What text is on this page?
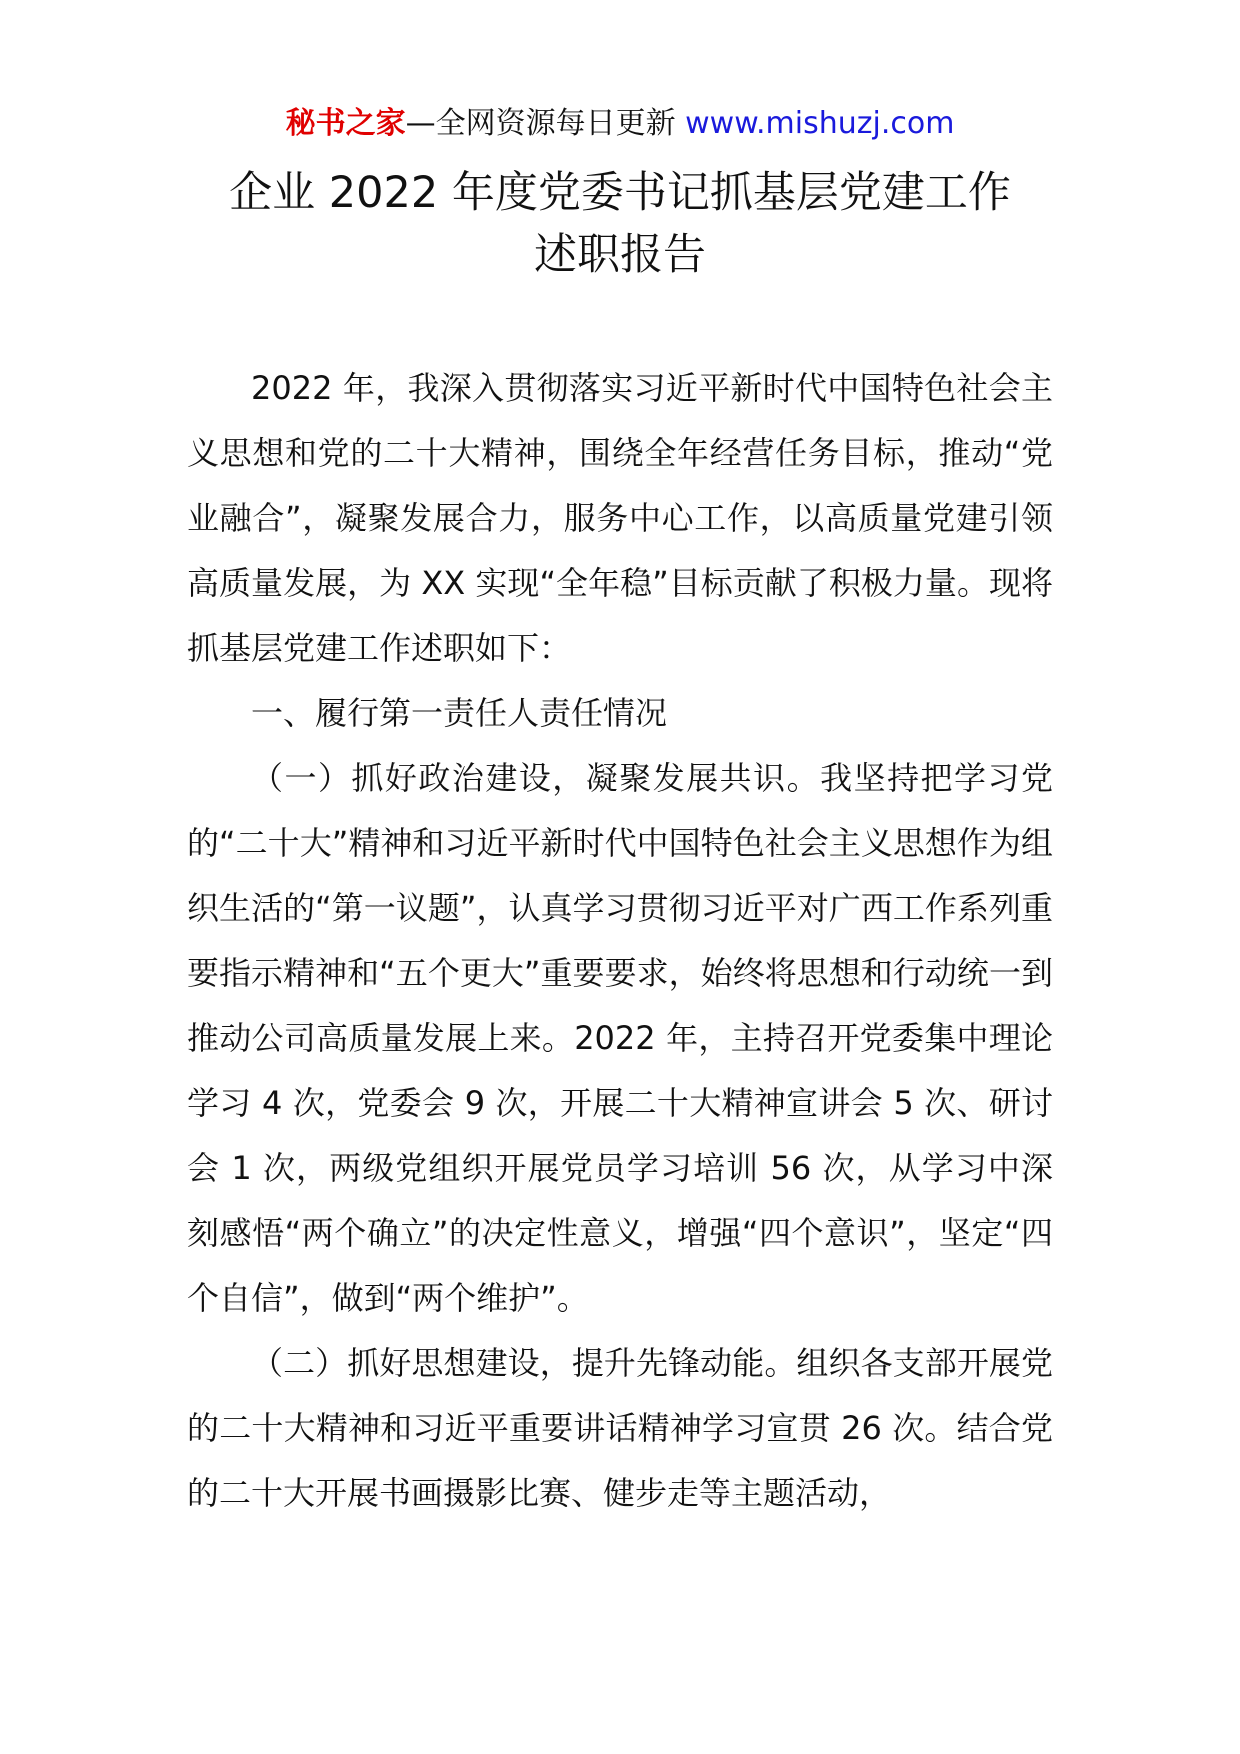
秘书之家—全网资源每日更新 www.mishuzj.com
企业 2022 年度党委书记抓基层党建工作
述职报告

2022 年，我深入贯彻落实习近平新时代中国特色社会主义思想和党的二十大精神，围绕全年经营任务目标，推动“党业融合”，凝聚发展合力，服务中心工作，以高质量党建引领高质量发展，为 XX 实现“全年稳”目标贡献了积极力量。现将抓基层党建工作述职如下：

一、履行第一责任人责任情况

（一）抓好政治建设，凝聚发展共识。我坚持把学习党的“二十大”精神和习近平新时代中国特色社会主义思想作为组织生活的“第一议题”，认真学习贯彻习近平对广西工作系列重要指示精神和“五个更大”重要要求，始终将思想和行动统一到推动公司高质量发展上来。2022 年，主持召开党委集中理论学习 4 次，党委会 9 次，开展二十大精神宣讲会 5 次、研讨会 1 次，两级党组织开展党员学习培训 56 次，从学习中深刻感悟“两个确立”的决定性意义，增强“四个意识”，坚定“四个自信”，做到“两个维护”。

（二）抓好思想建设，提升先锋动能。组织各支部开展党的二十大精神和习近平重要讲话精神学习宣贯 26 次。结合党的二十大开展书画摄影比赛、健步走等主题活动，
